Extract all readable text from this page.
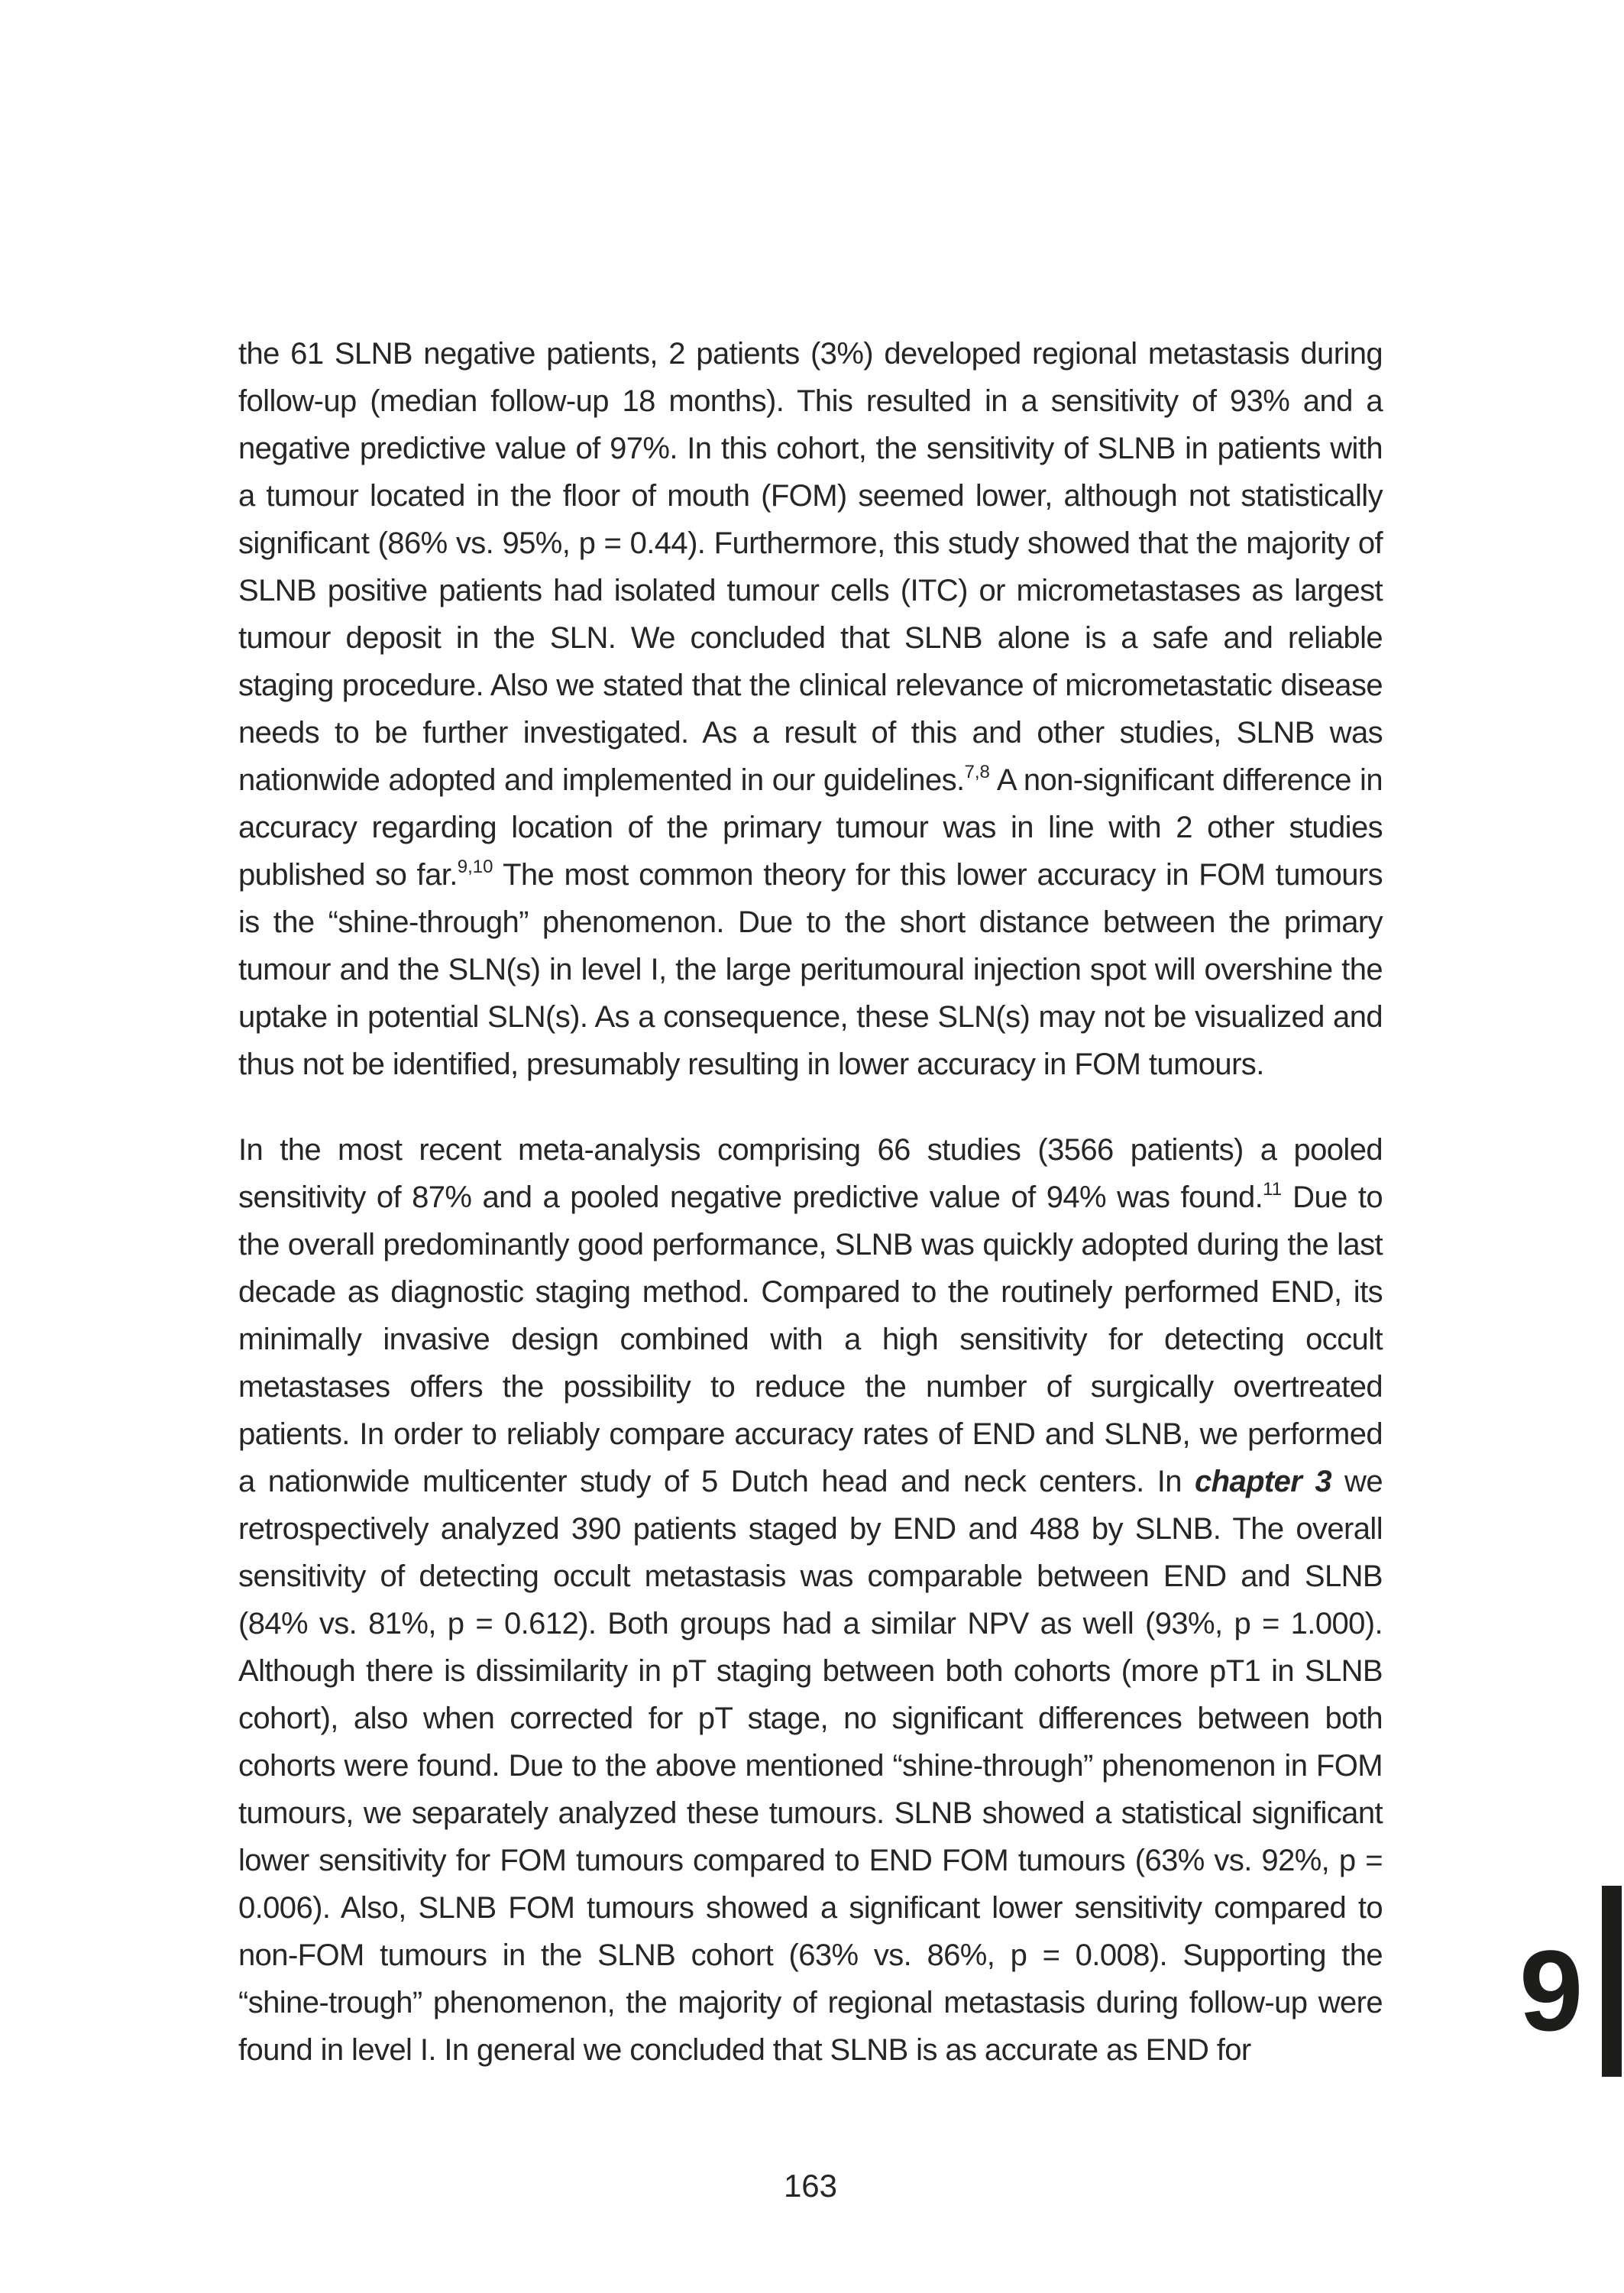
the 61 SLNB negative patients, 2 patients (3%) developed regional metastasis during follow-up (median follow-up 18 months). This resulted in a sensitivity of 93% and a negative predictive value of 97%. In this cohort, the sensitivity of SLNB in patients with a tumour located in the floor of mouth (FOM) seemed lower, although not statistically significant (86% vs. 95%, p = 0.44). Furthermore, this study showed that the majority of SLNB positive patients had isolated tumour cells (ITC) or micrometastases as largest tumour deposit in the SLN. We concluded that SLNB alone is a safe and reliable staging procedure. Also we stated that the clinical relevance of micrometastatic disease needs to be further investigated. As a result of this and other studies, SLNB was nationwide adopted and implemented in our guidelines.$^{7,8}$ A non-significant difference in accuracy regarding location of the primary tumour was in line with 2 other studies published so far.$^{9,10}$ The most common theory for this lower accuracy in FOM tumours is the “shine-through” phenomenon. Due to the short distance between the primary tumour and the SLN(s) in level I, the large peritumoural injection spot will overshine the uptake in potential SLN(s). As a consequence, these SLN(s) may not be visualized and thus not be identified, presumably resulting in lower accuracy in FOM tumours.

In the most recent meta-analysis comprising 66 studies (3566 patients) a pooled sensitivity of 87% and a pooled negative predictive value of 94% was found.$^{11}$ Due to the overall predominantly good performance, SLNB was quickly adopted during the last decade as diagnostic staging method. Compared to the routinely performed END, its minimally invasive design combined with a high sensitivity for detecting occult metastases offers the possibility to reduce the number of surgically overtreated patients. In order to reliably compare accuracy rates of END and SLNB, we performed a nationwide multicenter study of 5 Dutch head and neck centers. In chapter 3 we retrospectively analyzed 390 patients staged by END and 488 by SLNB. The overall sensitivity of detecting occult metastasis was comparable between END and SLNB (84% vs. 81%, p = 0.612). Both groups had a similar NPV as well (93%, p = 1.000). Although there is dissimilarity in pT staging between both cohorts (more pT1 in SLNB cohort), also when corrected for pT stage, no significant differences between both cohorts were found. Due to the above mentioned “shine-through” phenomenon in FOM tumours, we separately analyzed these tumours. SLNB showed a statistical significant lower sensitivity for FOM tumours compared to END FOM tumours (63% vs. 92%, p = 0.006). Also, SLNB FOM tumours showed a significant lower sensitivity compared to non-FOM tumours in the SLNB cohort (63% vs. 86%, p = 0.008). Supporting the “shine-trough” phenomenon, the majority of regional metastasis during follow-up were found in level I. In general we concluded that SLNB is as accurate as END for	9
163
